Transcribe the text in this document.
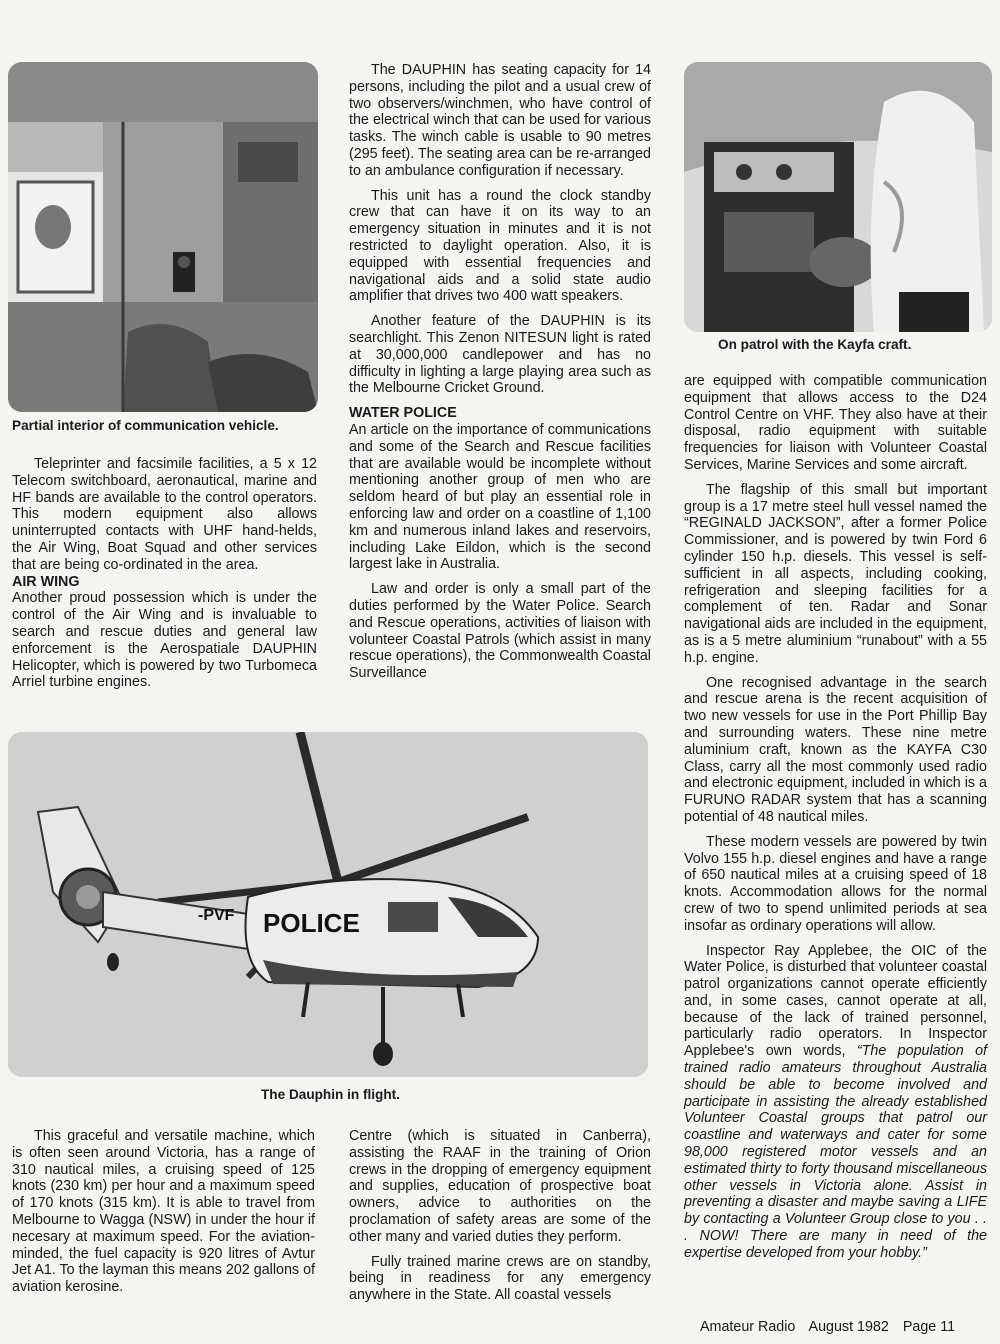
Partial interior of communication vehicle.
On patrol with the Kayfa craft.
POLICE
-PVF
The Dauphin in flight.

Teleprinter and facsimile facilities, a 5 x 12 Telecom switchboard, aeronautical, marine and HF bands are available to the control operators. This modern equipment also allows uninterrupted contacts with UHF hand-helds, the Air Wing, Boat Squad and other services that are being co-ordinated in the area.

AIR WING

Another proud possession which is under the control of the Air Wing and is invaluable to search and rescue duties and general law enforcement is the Aerospatiale DAUPHIN Helicopter, which is powered by two Turbomeca Arriel turbine engines.

The DAUPHIN has seating capacity for 14 persons, including the pilot and a usual crew of two observers/winchmen, who have control of the electrical winch that can be used for various tasks. The winch cable is usable to 90 metres (295 feet). The seating area can be re-arranged to an ambulance configuration if necessary.

This unit has a round the clock standby crew that can have it on its way to an emergency situation in minutes and it is not restricted to daylight operation. Also, it is equipped with essential frequencies and navigational aids and a solid state audio amplifier that drives two 400 watt speakers.

Another feature of the DAUPHIN is its searchlight. This Zenon NITESUN light is rated at 30,000,000 candlepower and has no difficulty in lighting a large playing area such as the Melbourne Cricket Ground.

WATER POLICE

An article on the importance of communications and some of the Search and Rescue facilities that are available would be incomplete without mentioning another group of men who are seldom heard of but play an essential role in enforcing law and order on a coastline of 1,100 km and numerous inland lakes and reservoirs, including Lake Eildon, which is the second largest lake in Australia.

Law and order is only a small part of the duties performed by the Water Police. Search and Rescue operations, activities of liaison with volunteer Coastal Patrols (which assist in many rescue operations), the Commonwealth Coastal Surveillance

are equipped with compatible communication equipment that allows access to the D24 Control Centre on VHF. They also have at their disposal, radio equipment with suitable frequencies for liaison with Volunteer Coastal Services, Marine Services and some aircraft.

The flagship of this small but important group is a 17 metre steel hull vessel named the “REGINALD JACKSON”, after a former Police Commissioner, and is powered by twin Ford 6 cylinder 150 h.p. diesels. This vessel is self-sufficient in all aspects, including cooking, refrigeration and sleeping facilities for a complement of ten. Radar and Sonar navigational aids are included in the equipment, as is a 5 metre aluminium “runabout” with a 55 h.p. engine.

One recognised advantage in the search and rescue arena is the recent acquisition of two new vessels for use in the Port Phillip Bay and surrounding waters. These nine metre aluminium craft, known as the KAYFA C30 Class, carry all the most commonly used radio and electronic equipment, included in which is a FURUNO RADAR system that has a scanning potential of 48 nautical miles.

These modern vessels are powered by twin Volvo 155 h.p. diesel engines and have a range of 650 nautical miles at a cruising speed of 18 knots. Accommodation allows for the normal crew of two to spend unlimited periods at sea insofar as ordinary operations will allow.

Inspector Ray Applebee, the OIC of the Water Police, is disturbed that volunteer coastal patrol organizations cannot operate efficiently and, in some cases, cannot operate at all, because of the lack of trained personnel, particularly radio operators. In Inspector Applebee's own words, “The population of trained radio amateurs throughout Australia should be able to become involved and participate in assisting the already established Volunteer Coastal groups that patrol our coastline and waterways and cater for some 98,000 registered motor vessels and an estimated thirty to forty thousand miscellaneous other vessels in Victoria alone. Assist in preventing a disaster and maybe saving a LIFE by contacting a Volunteer Group close to you . . . NOW! There are many in need of the expertise developed from your hobby.”

This graceful and versatile machine, which is often seen around Victoria, has a range of 310 nautical miles, a cruising speed of 125 knots (230 km) per hour and a maximum speed of 170 knots (315 km). It is able to travel from Melbourne to Wagga (NSW) in under the hour if necesary at maximum speed. For the aviation-minded, the fuel capacity is 920 litres of Avtur Jet A1. To the layman this means 202 gallons of aviation kerosine.

Centre (which is situated in Canberra), assisting the RAAF in the training of Orion crews in the dropping of emergency equipment and supplies, education of prospective boat owners, advice to authorities on the proclamation of safety areas are some of the other many and varied duties they perform.

Fully trained marine crews are on standby, being in readiness for any emergency anywhere in the State. All coastal vessels

Amateur Radio August 1982 Page 11
